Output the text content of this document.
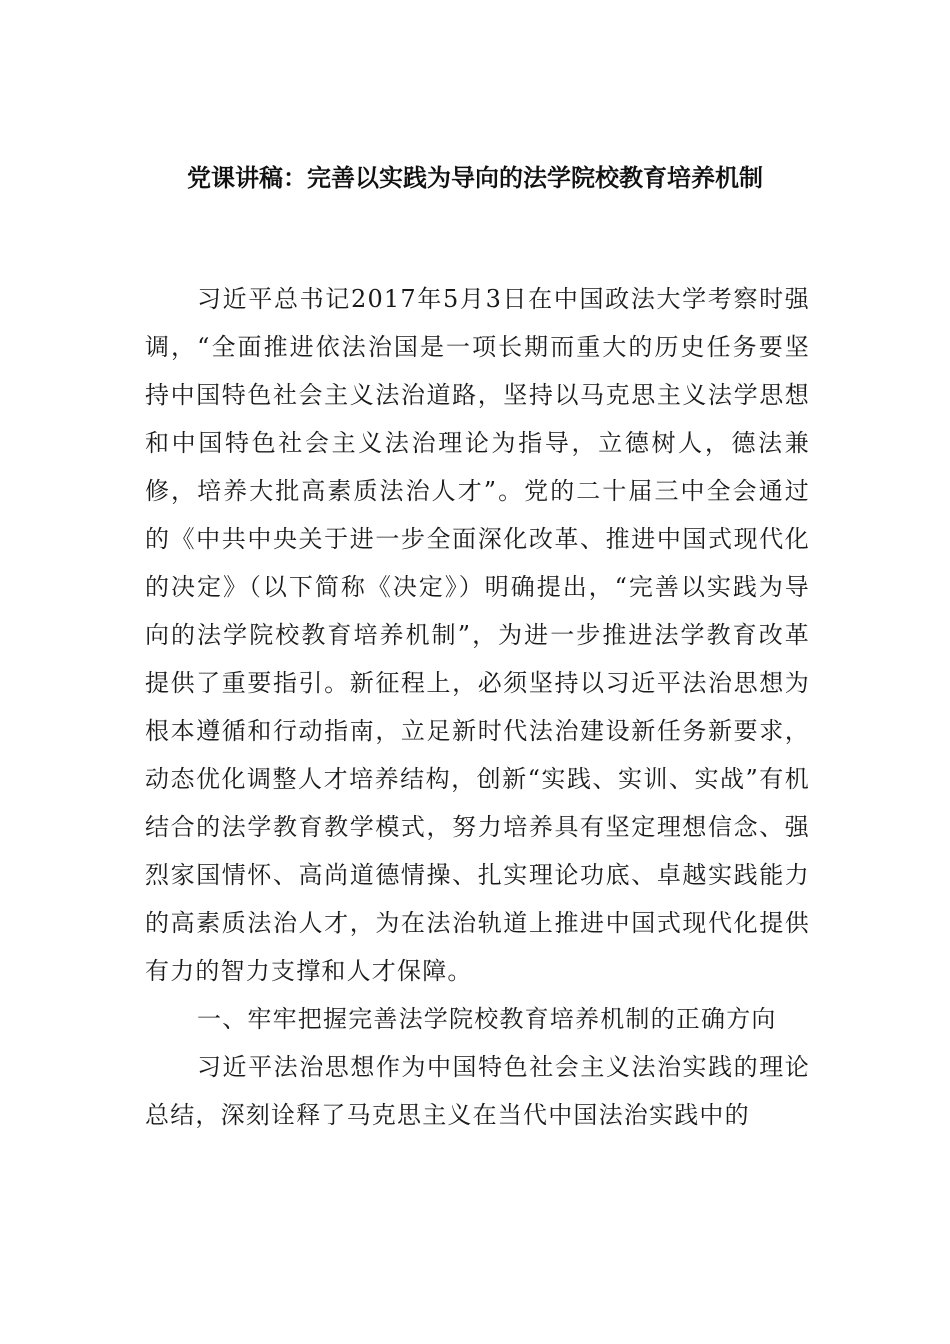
党课讲稿：完善以实践为导向的法学院校教育培养机制

习近平总书记2017年5月3日在中国政法大学考察时强调，“全面推进依法治国是一项长期而重大的历史任务要坚持中国特色社会主义法治道路，坚持以马克思主义法学思想和中国特色社会主义法治理论为指导，立德树人，德法兼修，培养大批高素质法治人才”。党的二十届三中全会通过的《中共中央关于进一步全面深化改革、推进中国式现代化的决定》（以下简称《决定》）明确提出，“完善以实践为导向的法学院校教育培养机制”，为进一步推进法学教育改革提供了重要指引。新征程上，必须坚持以习近平法治思想为根本遵循和行动指南，立足新时代法治建设新任务新要求，动态优化调整人才培养结构，创新“实践、实训、实战”有机结合的法学教育教学模式，努力培养具有坚定理想信念、强烈家国情怀、高尚道德情操、扎实理论功底、卓越实践能力的高素质法治人才，为在法治轨道上推进中国式现代化提供有力的智力支撑和人才保障。

一、牢牢把握完善法学院校教育培养机制的正确方向

习近平法治思想作为中国特色社会主义法治实践的理论总结，深刻诠释了马克思主义在当代中国法治实践中的
